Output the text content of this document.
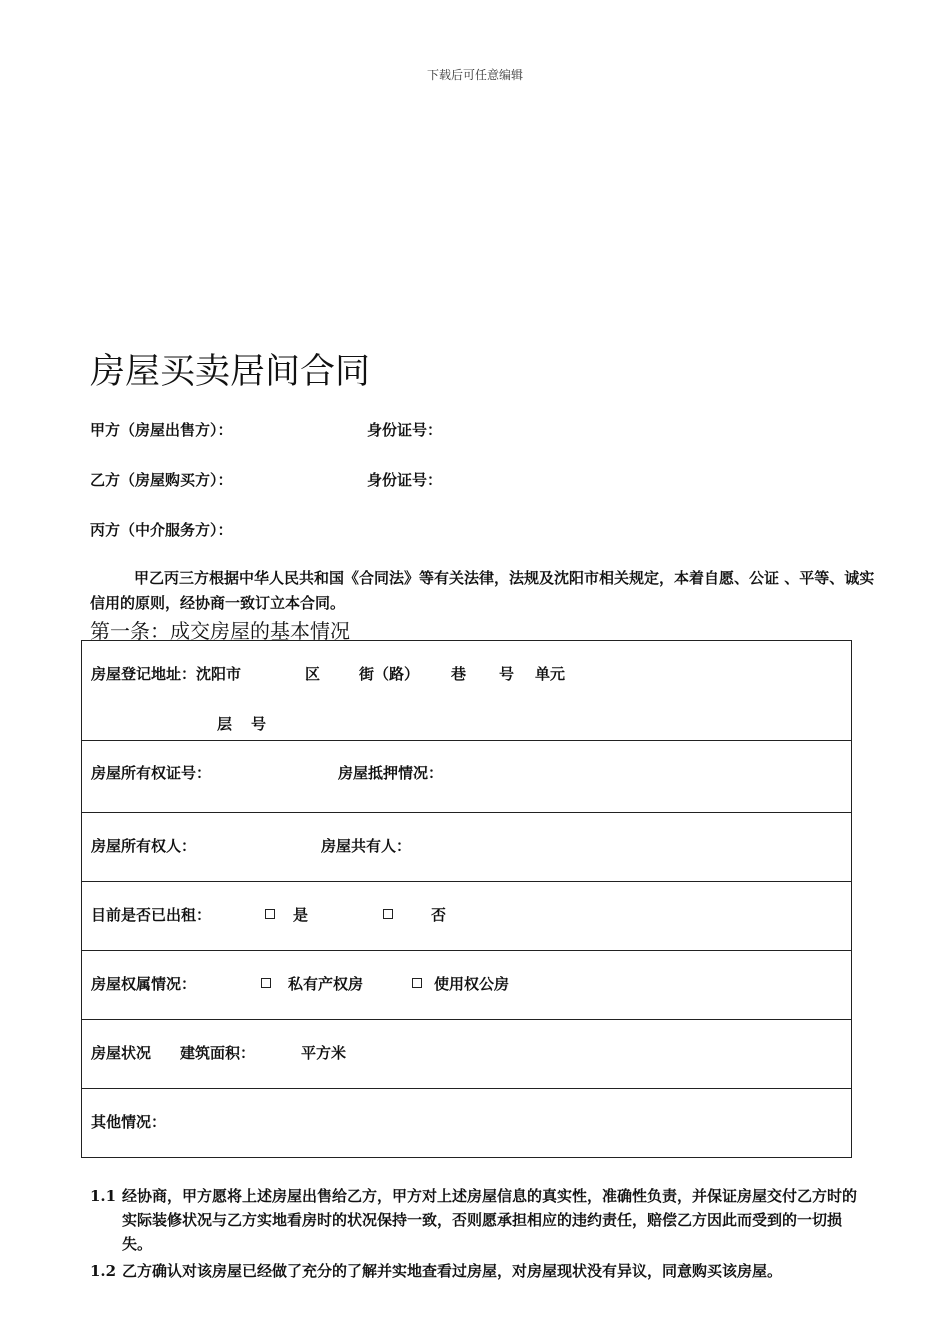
下载后可任意编辑
房屋买卖居间合同
甲方（房屋出售方）：	身份证号：
乙方（房屋购买方）：	身份证号：
丙方（中介服务方）：
甲乙丙三方根据中华人民共和国《合同法》等有关法律，法规及沈阳市相关规定，本着自愿、公证 、平等、诚实信用的原则，经协商一致订立本合同。
第一条：成交房屋的基本情况
房屋登记地址：沈阳市	区	街（路） 巷 号 单元
层 号
房屋所有权证号：	房屋抵押情况：
房屋所有权人：	房屋共有人：
目前是否已出租：	是	否
房屋权属情况：	私有产权房	使用权公房
房屋状况 建筑面积：	平方米
其他情况：
1.1 经协商，甲方愿将上述房屋出售给乙方，甲方对上述房屋信息的真实性，准确性负责，并保证房屋交付乙方时的实际装修状况与乙方实地看房时的状况保持一致，否则愿承担相应的违约责任，赔偿乙方因此而受到的一切损失。
1.2 乙方确认对该房屋已经做了充分的了解并实地查看过房屋，对房屋现状没有异议，同意购买该房屋。
